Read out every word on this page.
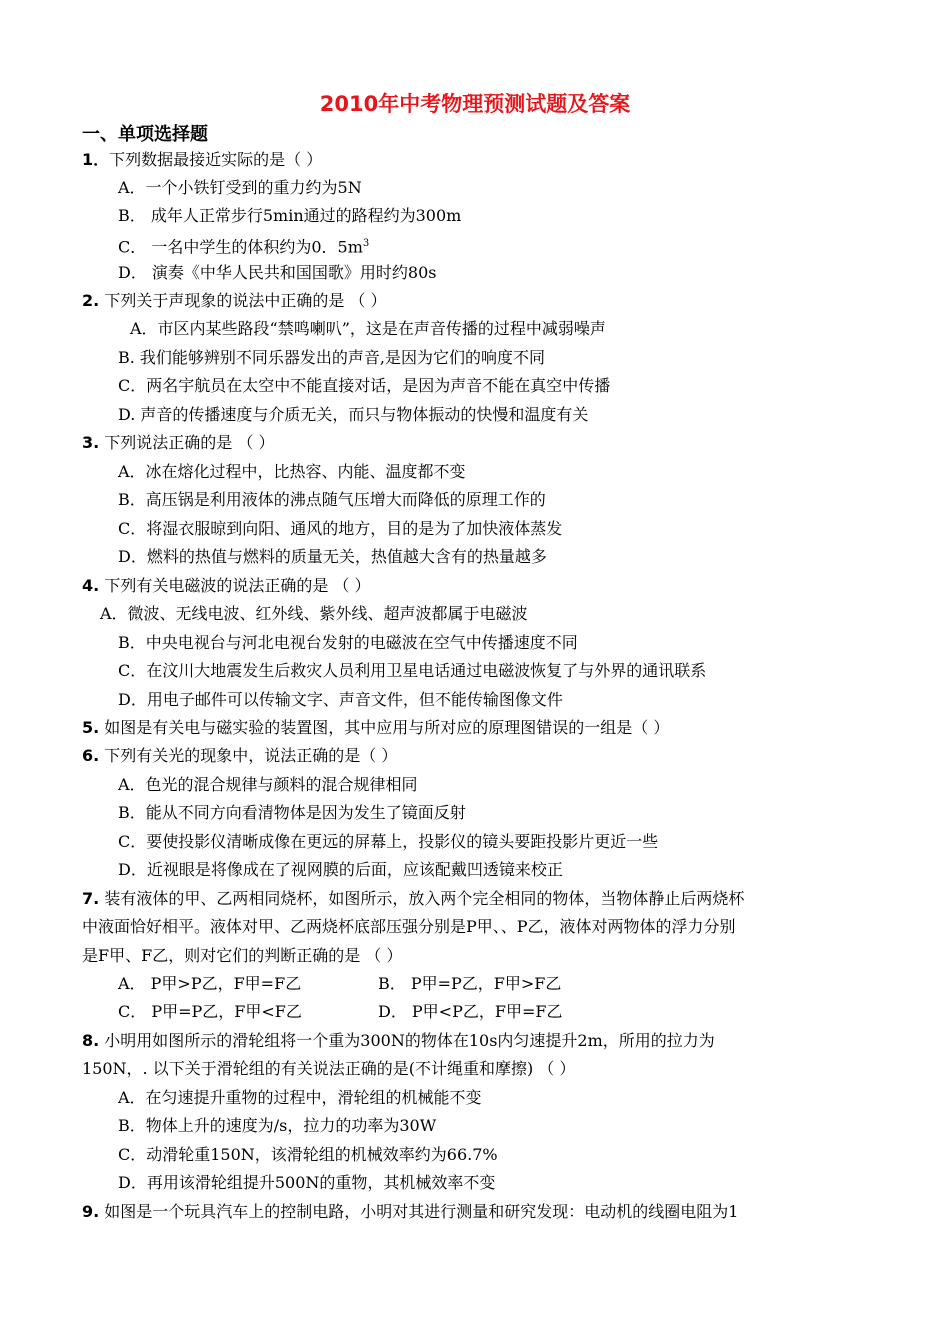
2010年中考物理预测试题及答案
一、单项选择题
1．下列数据最接近实际的是（ ）
A．一个小铁钉受到的重力约为5N
B． 成年人正常步行5min通过的路程约为300m
C． 一名中学生的体积约为0．$5m^3$
D． 演奏《中华人民共和国国歌》用时约80s
2. 下列关于声现象的说法中正确的是 （ ）
A．市区内某些路段“禁鸣喇叭”，这是在声音传播的过程中减弱噪声
B. 我们能够辨别不同乐器发出的声音,是因为它们的响度不同
C．两名宇航员在太空中不能直接对话，是因为声音不能在真空中传播
D. 声音的传播速度与介质无关，而只与物体振动的快慢和温度有关
3. 下列说法正确的是 （ ）
A．冰在熔化过程中，比热容、内能、温度都不变
B．高压锅是利用液体的沸点随气压增大而降低的原理工作的
C．将湿衣服晾到向阳、通风的地方，目的是为了加快液体蒸发
D．燃料的热值与燃料的质量无关，热值越大含有的热量越多
4. 下列有关电磁波的说法正确的是 （ ）
A．微波、无线电波、红外线、紫外线、超声波都属于电磁波
B．中央电视台与河北电视台发射的电磁波在空气中传播速度不同
C．在汶川大地震发生后救灾人员利用卫星电话通过电磁波恢复了与外界的通讯联系
D．用电子邮件可以传输文字、声音文件，但不能传输图像文件
5. 如图是有关电与磁实验的装置图，其中应用与所对应的原理图错误的一组是（ ）
6. 下列有关光的现象中，说法正确的是（ ）
A．色光的混合规律与颜料的混合规律相同
B．能从不同方向看清物体是因为发生了镜面反射
C．要使投影仪清晰成像在更远的屏幕上，投影仪的镜头要距投影片更近一些
D．近视眼是将像成在了视网膜的后面，应该配戴凹透镜来校正
7. 装有液体的甲、乙两相同烧杯，如图所示，放入两个完全相同的物体，当物体静止后两烧杯
中液面恰好相平。液体对甲、乙两烧杯底部压强分别是P甲、、P乙，液体对两物体的浮力分别
是F甲、F乙，则对它们的判断正确的是 （ ）
A． P甲>P乙，F甲=F乙	B． P甲=P乙，F甲>F乙
C． P甲=P乙，F甲<F乙	D． P甲<P乙，F甲=F乙
8. 小明用如图所示的滑轮组将一个重为300N的物体在10s内匀速提升2m，所用的拉力为
150N，. 以下关于滑轮组的有关说法正确的是(不计绳重和摩擦) （ ）
A．在匀速提升重物的过程中，滑轮组的机械能不变
B．物体上升的速度为/s，拉力的功率为30W
C．动滑轮重150N，该滑轮组的机械效率约为66.7%
D．再用该滑轮组提升500N的重物，其机械效率不变
9. 如图是一个玩具汽车上的控制电路，小明对其进行测量和研究发现：电动机的线圈电阻为1
